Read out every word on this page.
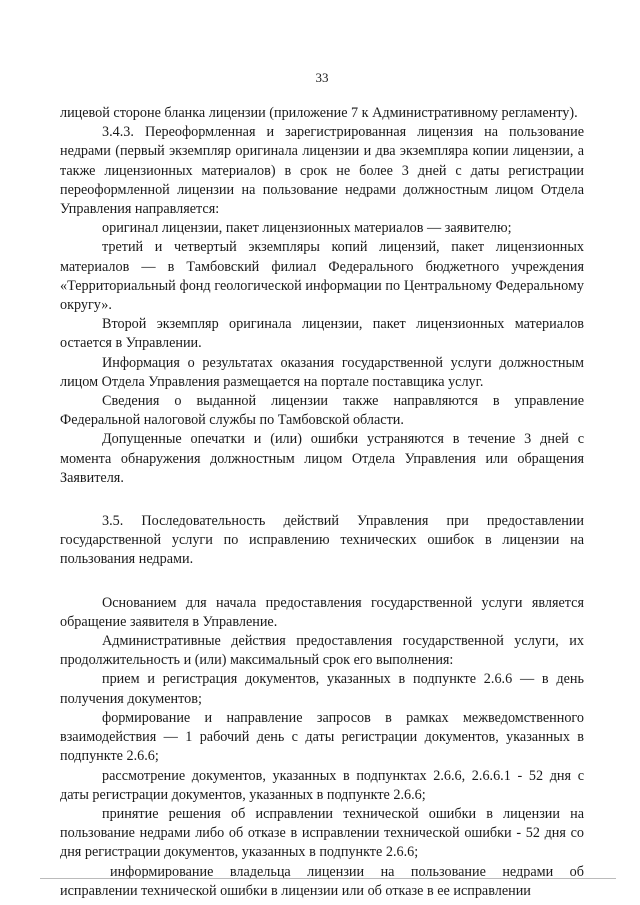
33

лицевой стороне бланка лицензии (приложение 7 к Административному регламенту).

3.4.3. Переоформленная и зарегистрированная лицензия на пользование недрами (первый экземпляр оригинала лицензии и два экземпляра копии лицензии, а также лицензионных материалов) в срок не более 3 дней с даты регистрации переоформленной лицензии на пользование недрами должностным лицом Отдела Управления направляется:

оригинал лицензии, пакет лицензионных материалов — заявителю;

третий и четвертый экземпляры копий лицензий, пакет лицензионных материалов — в Тамбовский филиал Федерального бюджетного учреждения «Территориальный фонд геологической информации по Центральному Федеральному округу».

Второй экземпляр оригинала лицензии, пакет лицензионных материалов остается в Управлении.

Информация о результатах оказания государственной услуги должностным лицом Отдела Управления размещается на портале поставщика услуг.

Сведения о выданной лицензии также направляются в управление Федеральной налоговой службы по Тамбовской области.

Допущенные опечатки и (или) ошибки устраняются в течение 3 дней с момента обнаружения должностным лицом Отдела Управления или обращения Заявителя.

3.5. Последовательность действий Управления при предоставлении государственной услуги по исправлению технических ошибок в лицензии на пользования недрами.

Основанием для начала предоставления государственной услуги является обращение заявителя в Управление.

Административные действия предоставления государственной услуги, их продолжительность и (или) максимальный срок его выполнения:

прием и регистрация документов, указанных в подпункте 2.6.6 — в день получения документов;

формирование и направление запросов в рамках межведомственного взаимодействия — 1 рабочий день с даты регистрации документов, указанных в подпункте 2.6.6;

рассмотрение документов, указанных в подпунктах 2.6.6, 2.6.6.1 - 52 дня с даты регистрации документов, указанных в подпункте 2.6.6;

принятие решения об исправлении технической ошибки в лицензии на пользование недрами либо об отказе в исправлении технической ошибки - 52 дня со дня регистрации документов, указанных в подпункте 2.6.6;

информирование владельца лицензии на пользование недрами об исправлении технической ошибки в лицензии или об отказе в ее исправлении
